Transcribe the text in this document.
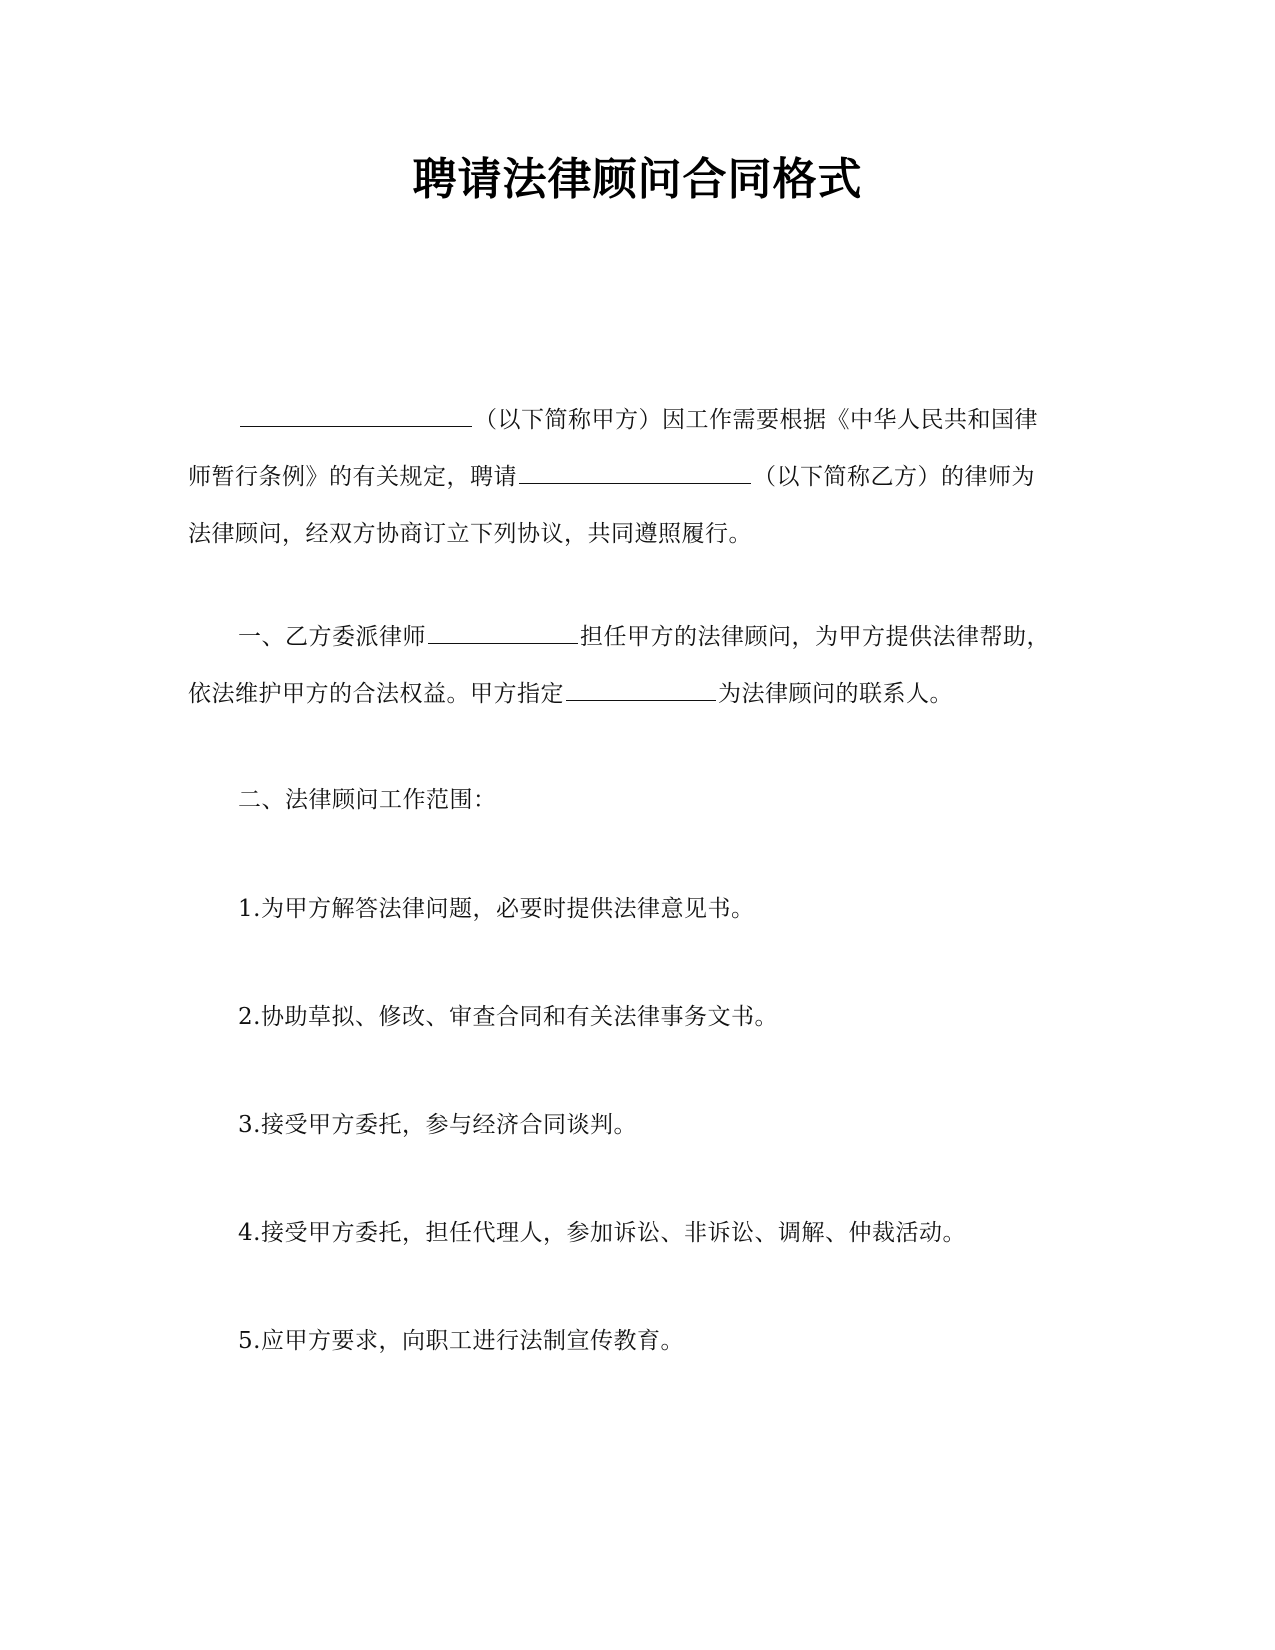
聘请法律顾问合同格式
（以下简称甲方）因工作需要根据《中华人民共和国律
师暂行条例》的有关规定，聘请	（以下简称乙方）的律师为
法律顾问，经双方协商订立下列协议，共同遵照履行。
一、乙方委派律师	担任甲方的法律顾问，为甲方提供法律帮助，
依法维护甲方的合法权益。甲方指定	为法律顾问的联系人。
二、法律顾问工作范围：
1.为甲方解答法律问题，必要时提供法律意见书。
2.协助草拟、修改、审查合同和有关法律事务文书。
3.接受甲方委托，参与经济合同谈判。
4.接受甲方委托，担任代理人，参加诉讼、非诉讼、调解、仲裁活动。
5.应甲方要求，向职工进行法制宣传教育。
